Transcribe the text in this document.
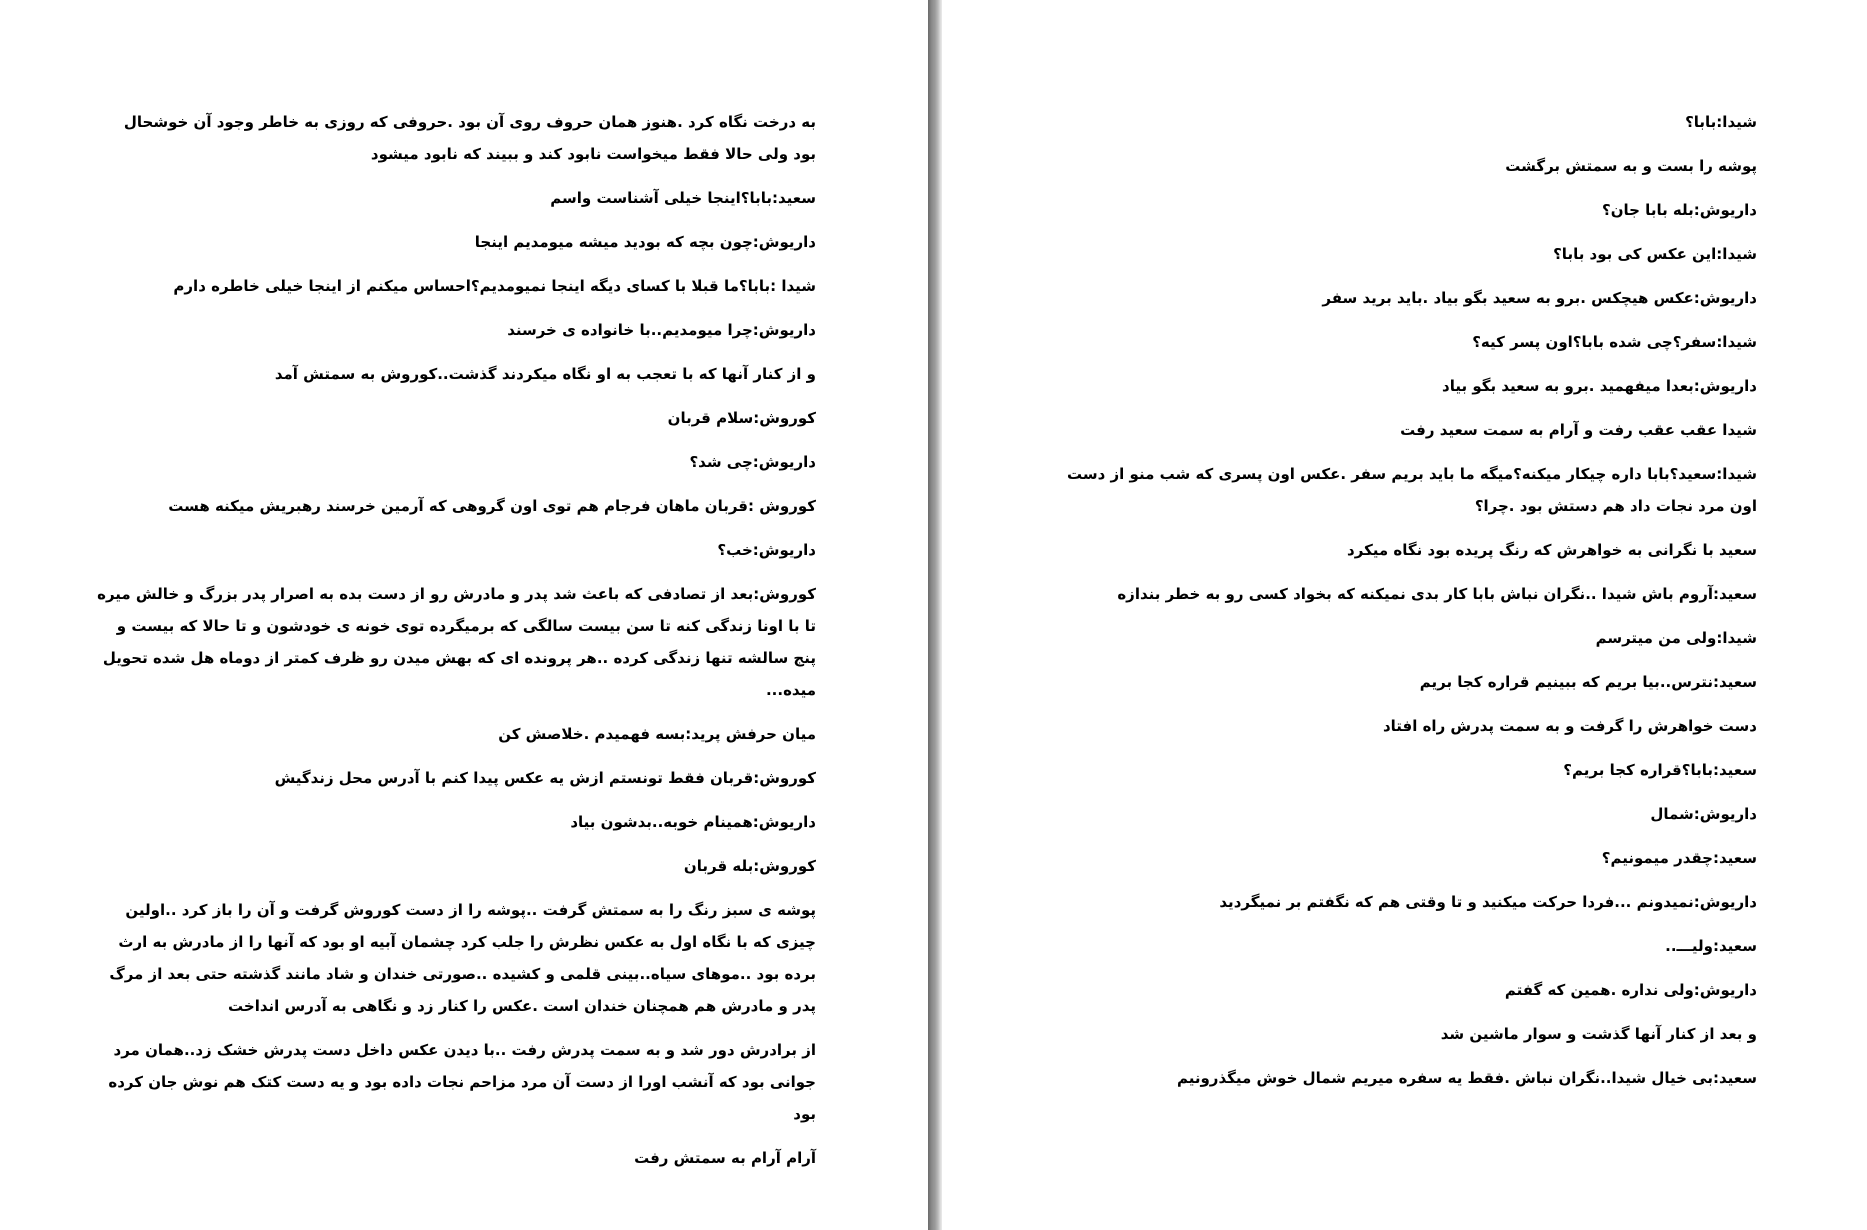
به درخت نگاه کرد .هنوز همان حروف روی آن بود .حروفی که روزی به خاطر وجود آن خوشحال بود ولی حالا فقط میخواست نابود کند و ببیند که نابود میشود

سعید:بابا؟اینجا خیلی آشناست واسم

داریوش:چون بچه که بودید میشه میومدیم اینجا

شیدا :بابا؟ما قبلا با کسای دیگه اینجا نمیومدیم؟احساس میکنم از اینجا خیلی خاطره دارم

داریوش:چرا میومدیم..با خانواده ی خرسند

و از کنار آنها که با تعجب به او نگاه میکردند گذشت..کوروش به سمتش آمد

کوروش:سلام قربان

داریوش:چی شد؟

کوروش :قربان ماهان فرجام هم توی اون گروهی که آرمین خرسند رهبریش میکنه هست

داریوش:خب؟

کوروش:بعد از تصادفی که باعث شد پدر و مادرش رو از دست بده به اصرار پدر بزرگ و خالش میره تا با اونا زندگی کنه تا سن بیست سالگی که برمیگرده توی خونه ی خودشون و تا حالا که بیست و پنج سالشه تنها زندگی کرده ..هر پرونده ای که بهش میدن رو ظرف کمتر از دوماه هل شده تحویل میده...

میان حرفش پرید:بسه فهمیدم .خلاصش کن

کوروش:قربان فقط تونستم ازش یه عکس پیدا کنم با آدرس محل زندگیش

داریوش:همینام خوبه..بدشون بیاد

کوروش:بله قربان

پوشه ی سبز رنگ را به سمتش گرفت ..پوشه را از دست کوروش گرفت و آن را باز کرد ..اولین چیزی که با نگاه اول به عکس نظرش را جلب کرد چشمان آبیه او بود که آنها را از مادرش به ارث برده بود ..موهای سیاه..بینی قلمی و کشیده ..صورتی خندان و شاد مانند گذشته حتی بعد از مرگ پدر و مادرش هم همچنان خندان است .عکس را کنار زد و نگاهی به آدرس انداخت

از برادرش دور شد و به سمت پدرش رفت ..با دیدن عکس داخل دست پدرش خشک زد..همان مرد جوانی بود که آنشب اورا از دست آن مرد مزاحم نجات داده بود و یه دست کتک هم نوش جان کرده بود

آرام آرام به سمتش رفت

شیدا:بابا؟

پوشه را بست و به سمتش برگشت

داریوش:بله بابا جان؟

شیدا:این عکس کی بود بابا؟

داریوش:عکس هیچکس .برو به سعید بگو بیاد .باید برید سفر

شیدا:سفر؟چی شده بابا؟اون پسر کیه؟

داریوش:بعدا میفهمید .برو به سعید بگو بیاد

شیدا عقب عقب رفت و آرام به سمت سعید رفت

شیدا:سعید؟بابا داره چیکار میکنه؟میگه ما باید بریم سفر .عکس اون پسری که شب منو از دست اون مرد نجات داد هم دستش بود .چرا؟

سعید با نگرانی به خواهرش که رنگ پریده بود نگاه میکرد

سعید:آروم باش شیدا ..نگران نباش بابا کار بدی نمیکنه که بخواد کسی رو به خطر بندازه

شیدا:ولی من میترسم

سعید:نترس..بیا بریم که ببینیم قراره کجا بریم

دست خواهرش را گرفت و به سمت پدرش راه افتاد

سعید:بابا؟قراره کجا بریم؟

داریوش:شمال

سعید:چقدر میمونیم؟

داریوش:نمیدونم ...فردا حرکت میکنید و تا وقتی هم که نگفتم بر نمیگردید

سعید:ولیـــ..

داریوش:ولی نداره .همین که گفتم

و بعد از کنار آنها گذشت و سوار ماشین شد

سعید:بی خیال شیدا..نگران نباش .فقط یه سفره میریم شمال خوش میگذرونیم
